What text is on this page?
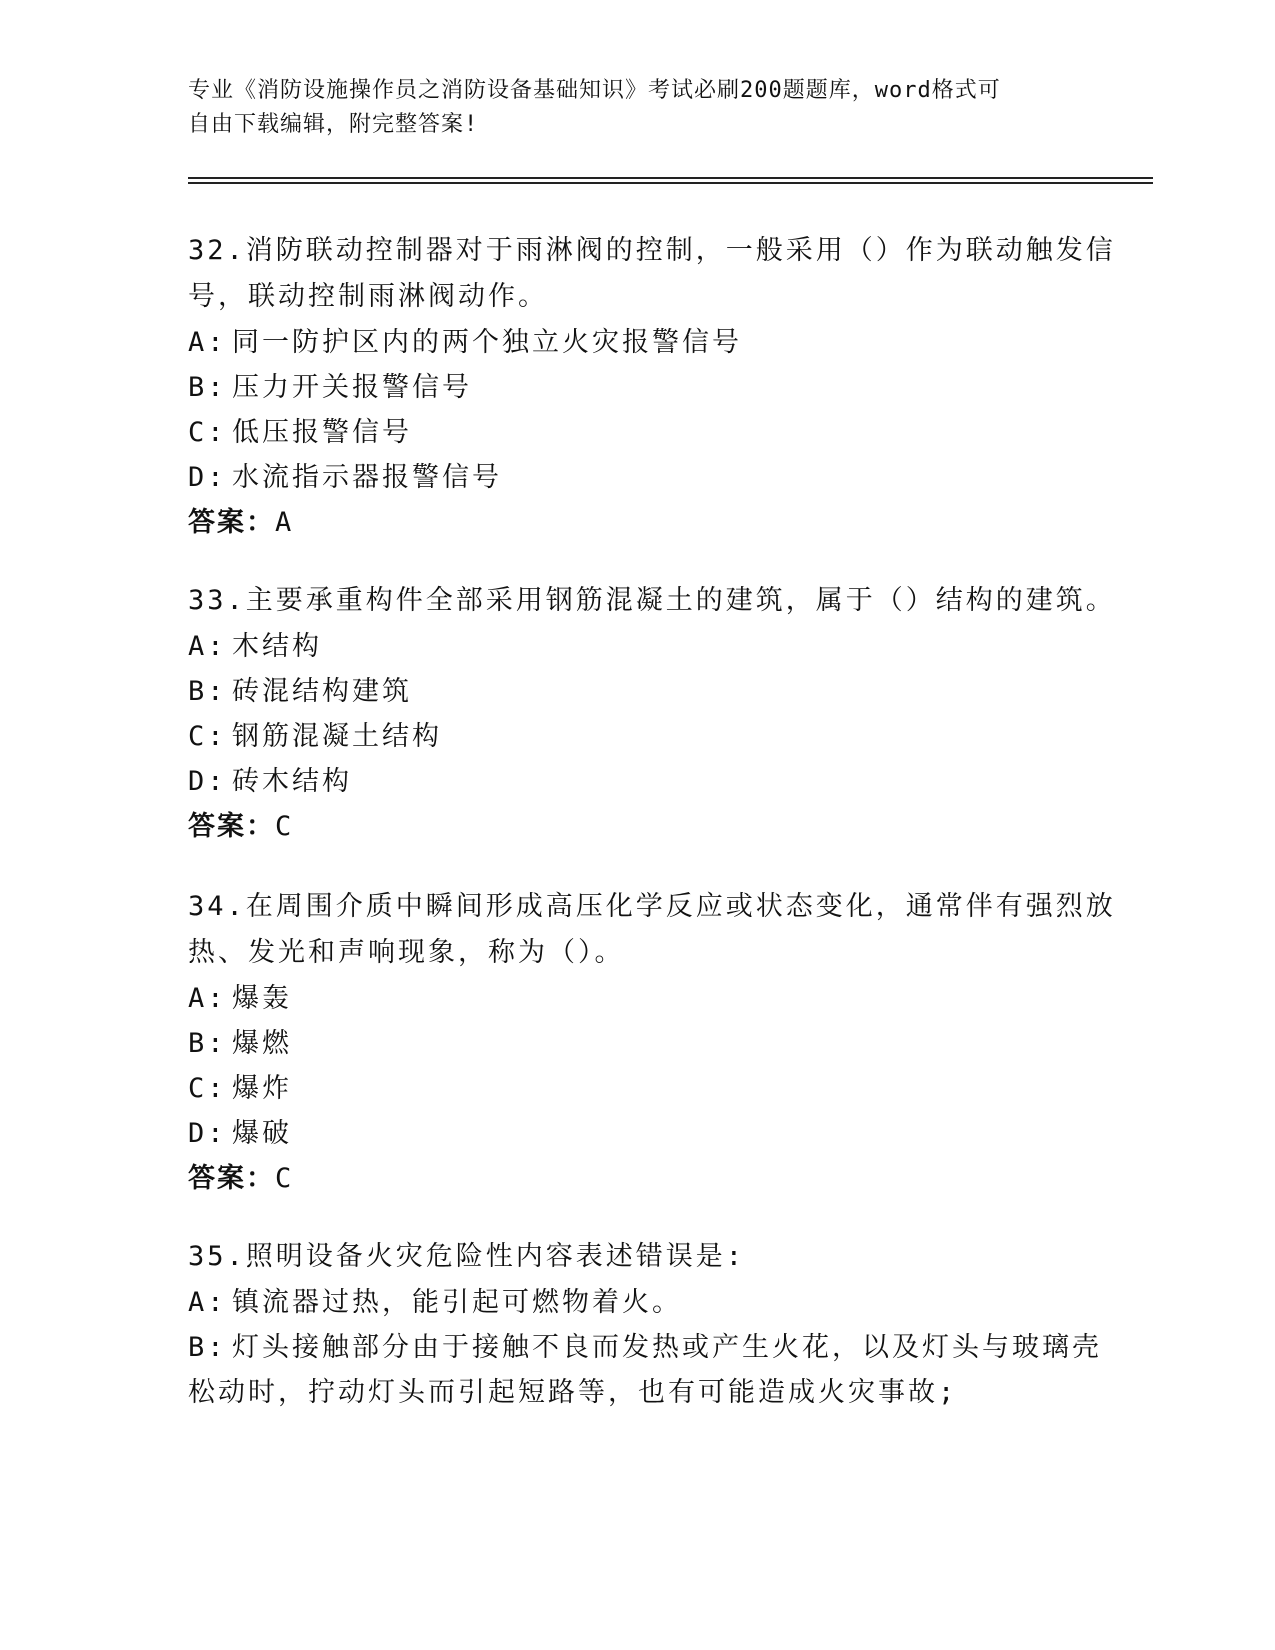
专业《消防设施操作员之消防设备基础知识》考试必刷200题题库，word格式可
自由下载编辑，附完整答案!
32.消防联动控制器对于雨淋阀的控制，一般采用（）作为联动触发信
号，联动控制雨淋阀动作。
A: 同一防护区内的两个独立火灾报警信号
B: 压力开关报警信号
C: 低压报警信号
D: 水流指示器报警信号
答案：A
33.主要承重构件全部采用钢筋混凝土的建筑，属于（）结构的建筑。
A: 木结构
B: 砖混结构建筑
C: 钢筋混凝土结构
D: 砖木结构
答案：C
34.在周围介质中瞬间形成高压化学反应或状态变化，通常伴有强烈放
热、发光和声响现象，称为（）。
A: 爆轰
B: 爆燃
C: 爆炸
D: 爆破
答案：C
35.照明设备火灾危险性内容表述错误是:
A: 镇流器过热，能引起可燃物着火。
B: 灯头接触部分由于接触不良而发热或产生火花，以及灯头与玻璃壳
松动时，拧动灯头而引起短路等，也有可能造成火灾事故;
